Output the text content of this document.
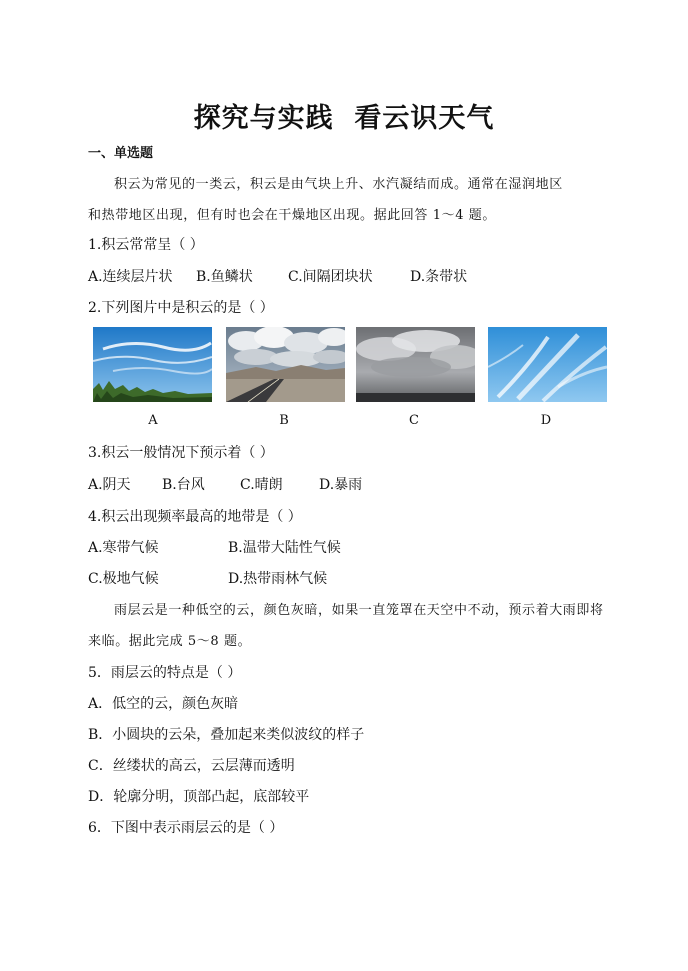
探究与实践  看云识天气
一、单选题
积云为常见的一类云，积云是由气块上升、水汽凝结而成。通常在湿润地区
和热带地区出现，但有时也会在干燥地区出现。据此回答 1～4 题。
1.积云常常呈（ ）
A.连续层片状 B.鱼鳞状	C.间隔团块状	D.条带状
2.下列图片中是积云的是（ ）
A	B	C	D
3.积云一般情况下预示着（ ）
A.阴天 B.台风	C.晴朗	D.暴雨
4.积云出现频率最高的地带是（ ）
A.寒带气候	B.温带大陆性气候
C.极地气候	D.热带雨林气候
雨层云是一种低空的云，颜色灰暗，如果一直笼罩在天空中不动，预示着大雨即将
来临。据此完成 5～8 题。
5．雨层云的特点是（ ）
A．低空的云，颜色灰暗
B．小圆块的云朵，叠加起来类似波纹的样子
C．丝缕状的高云，云层薄而透明
D．轮廓分明，顶部凸起，底部较平
6．下图中表示雨层云的是（ ）
